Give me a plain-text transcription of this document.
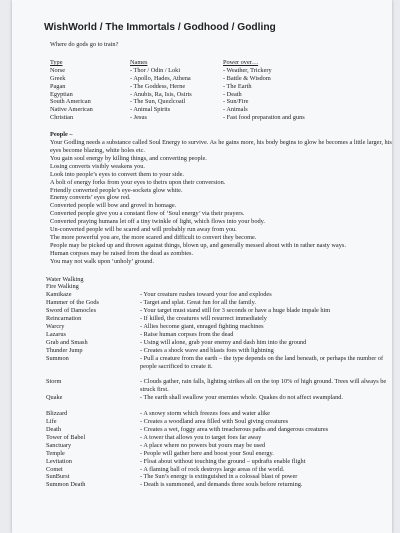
WishWorld / The Immortals / Godhood / Godling
Where do gods go to train?
Type	Names	Power over…
Norse	- Thor / Odin / Loki	- Weather, Trickery
Greek	- Apollo, Hades, Athena	- Battle & Wisdom
Pagan	- The Goddess, Herne	- The Earth
Egyptian	- Anubis, Ra, Isis, Osiris	- Death
South American	- The Sun, Quezlcoatl	- Sun/Fire
Native American	- Animal Spirits	- Animals
Christian	- Jesus	- Fast food preparation and guns

People –

Your Godling needs a substance called Soul Energy to survive. As he gains more, his body begins to glow he becomes a little larger, his eyes become blazing, white holes etc.

You gain soul energy by killing things, and converting people.

Losing converts visibly weakens you.

Look into people’s eyes to convert them to your side.

A bolt of energy forks from your eyes to theirs upon their conversion.

Friendly converted people’s eye-sockets glow white.

Enemy converts’ eyes glow red.

Converted people will bow and grovel in homage.

Converted people give you a constant flow of ‘Soul energy’ via their prayers.

Converted praying humans let off a tiny twinkle of light, which flows into your body.

Un-converted people will be scared and will probably run away from you.

The more powerful you are, the more scared and difficult to convert they become.

People may be picked up and thrown against things, blown up, and generally messed about with in rather nasty ways.

Human corpses may be raised from the dead as zombies.

You may not walk upon ‘unholy’ ground.

Water Walking
Fire Walking
Kamikaze	- Your creature rushes toward your foe and explodes
Hammer of the Gods	- Target and splat. Great fun for all the family.
Sword of Damocles	- Your target must stand still for 3 seconds or have a huge blade impale him
Reincarnation	- If killed, the creatures will resurrect immediately
Warcry	- Allies become giant, enraged fighting machines
Lazarus	- Raise human corpses from the dead
Grab and Smash	- Using will alone, grab your enemy and dash him into the ground
Thunder Jump	- Creates a shock wave and blasts foes with lightning
Summon	- Pull a creature from the earth – the type depends on the land beneath, or perhaps the number of people sacrificed to create it.
Storm	- Clouds gather, rain falls, lighting strikes all on the top 10% of high ground. Trees will always be struck first.
Quake	- The earth shall swallow your enemies whole. Quakes do not affect swampland.
Blizzard	- A snowy storm which freezes foes and water alike
Life	- Creates a woodland area filled with Soul giving creatures
Death	- Creates a wet, foggy area with treacherous paths and dangerous creatures
Tower of Babel	- A tower that allows you to target foes far away
Sanctuary	- A place where no powers but yours may be used
Temple	- People will gather here and boost your Soul energy.
Levitation	- Float about without touching the ground – updrafts enable flight
Comet	- A flaming ball of rock destroys large areas of the world.
SunBurst	- The Sun’s energy is extinguished in a colossal blast of power
Summon Death	- Death is summoned, and demands three souls before returning.
